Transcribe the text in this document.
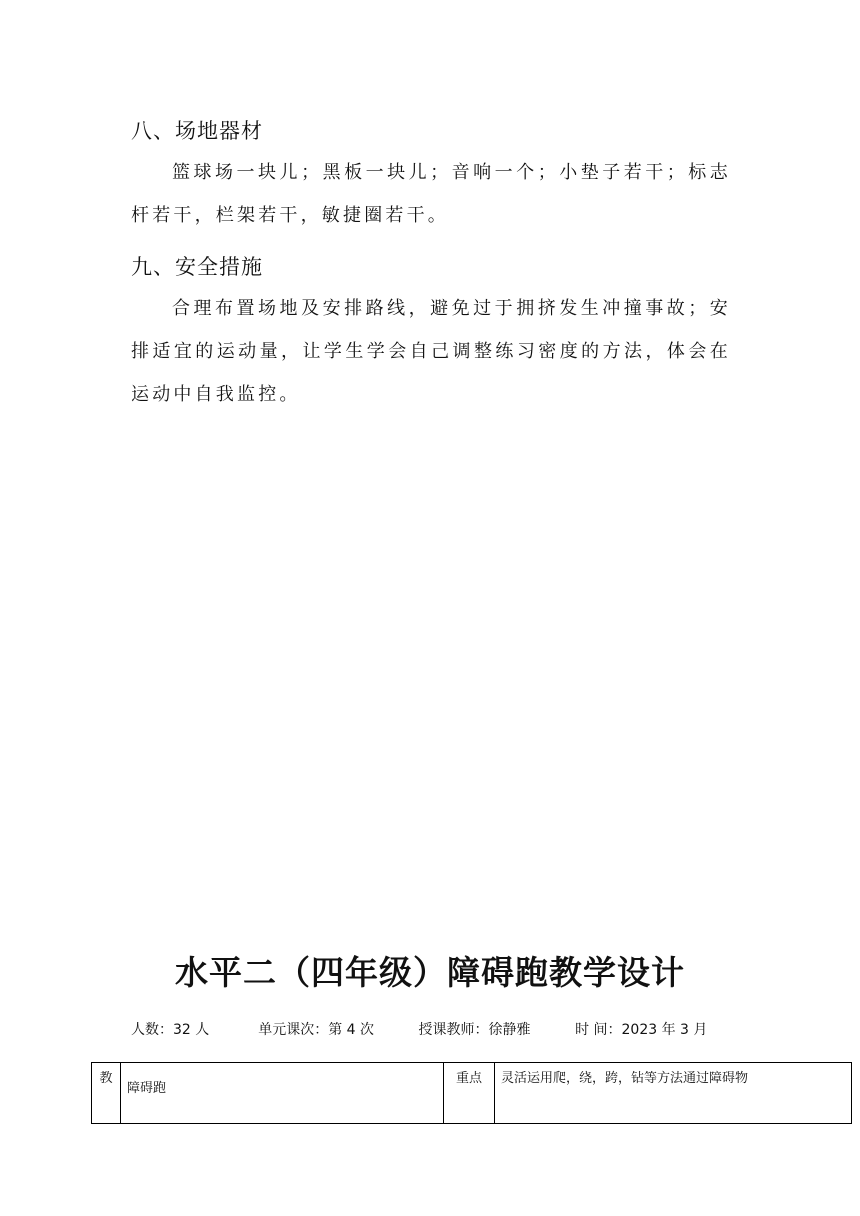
八、场地器材

篮球场一块儿；黑板一块儿；音响一个；小垫子若干；标志杆若干，栏架若干，敏捷圈若干。

九、安全措施

合理布置场地及安排路线，避免过于拥挤发生冲撞事故；安排适宜的运动量，让学生学会自己调整练习密度的方法，体会在运动中自我监控。

水平二（四年级）障碍跑教学设计
人数：32 人	单元课次：第 4 次	授课教师：徐静雅	时 间：2023 年 3 月
教	障碍跑	重点	灵活运用爬，绕，跨，钻等方法通过障碍物
